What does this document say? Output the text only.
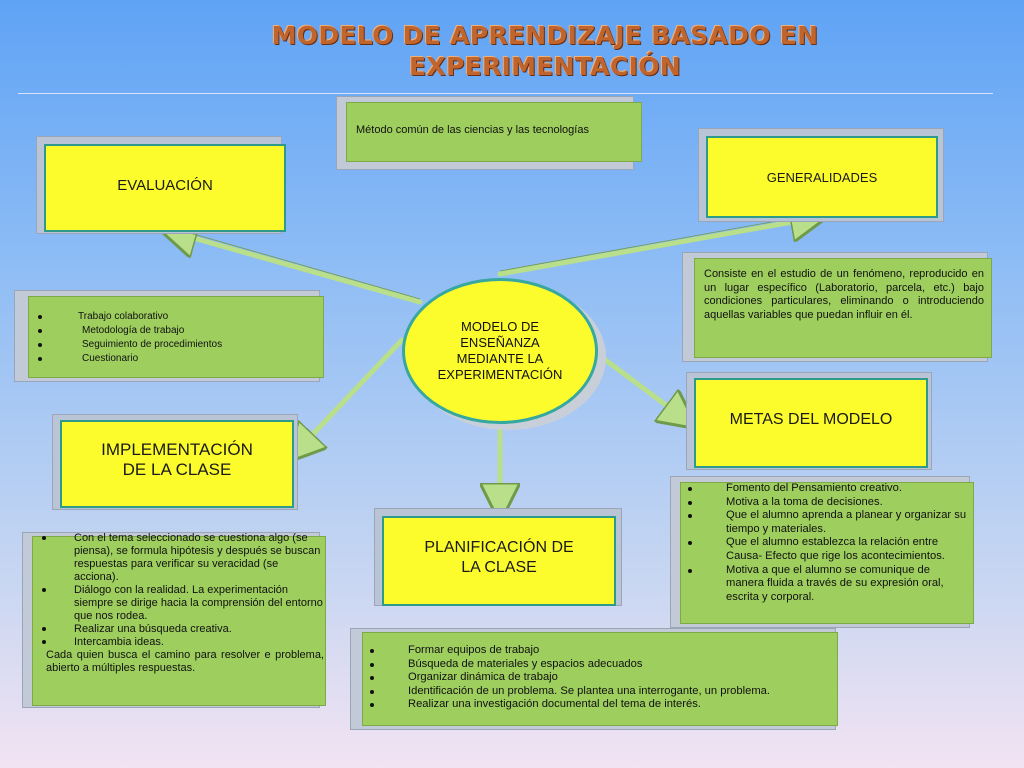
MODELO DE APRENDIZAJE BASADO EN
EXPERIMENTACIÓN
Método común de las ciencias y las tecnologías
EVALUACIÓN
Trabajo colaborativo
Metodología de trabajo
Seguimiento de procedimientos
Cuestionario
GENERALIDADES
Consiste en el estudio de un fenómeno, reproducido en un lugar específico (Laboratorio, parcela, etc.) bajo condiciones particulares, eliminando o introduciendo aquellas variables que puedan influir en él.
MODELO DE
ENSEÑANZA
MEDIANTE LA
EXPERIMENTACIÓN
IMPLEMENTACIÓN
DE LA CLASE
Con el tema seleccionado se cuestiona algo (se piensa), se formula hipótesis y después se buscan respuestas para verificar su veracidad (se acciona).
Diálogo con la realidad. La experimentación siempre se dirige hacia la comprensión del entorno que nos rodea.
Realizar una búsqueda creativa.
Intercambia ideas.
Cada quien busca el camino para resolver e problema, abierto a múltiples respuestas.
METAS DEL MODELO
Fomento del Pensamiento creativo.
Motiva a la toma de decisiones.
Que el alumno aprenda a planear y organizar su tiempo y materiales.
Que el alumno establezca la relación entre Causa- Efecto que rige los acontecimientos.
Motiva a que el alumno se comunique de manera fluida a través de su expresión oral, escrita y corporal.
PLANIFICACIÓN DE
LA CLASE
Formar equipos de trabajo
Búsqueda de materiales y espacios adecuados
Organizar dinámica de trabajo
Identificación de un problema. Se plantea una interrogante, un problema.
Realizar una investigación documental del tema de interés.
